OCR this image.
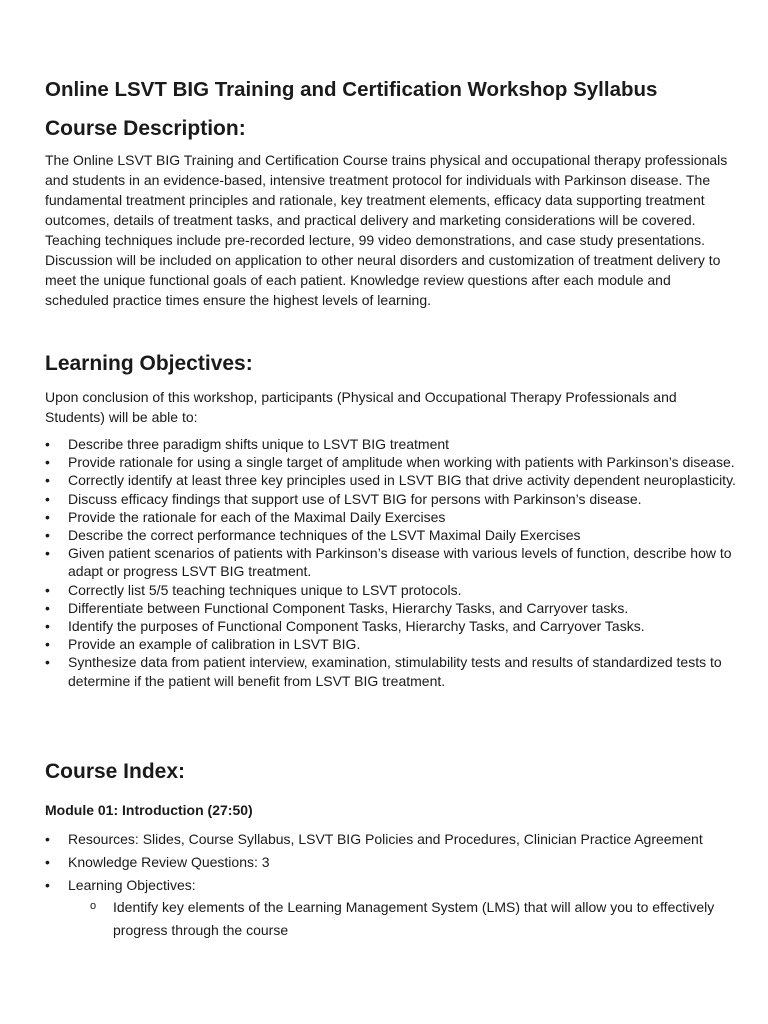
Online LSVT BIG Training and Certification Workshop Syllabus
Course Description:

The Online LSVT BIG Training and Certification Course trains physical and occupational therapy professionals and students in an evidence-based, intensive treatment protocol for individuals with Parkinson disease. The fundamental treatment principles and rationale, key treatment elements, efficacy data supporting treatment outcomes, details of treatment tasks, and practical delivery and marketing considerations will be covered. Teaching techniques include pre-recorded lecture, 99 video demonstrations, and case study presentations. Discussion will be included on application to other neural disorders and customization of treatment delivery to meet the unique functional goals of each patient. Knowledge review questions after each module and scheduled practice times ensure the highest levels of learning.

Learning Objectives:

Upon conclusion of this workshop, participants (Physical and Occupational Therapy Professionals and Students) will be able to:

• Describe three paradigm shifts unique to LSVT BIG treatment
• Provide rationale for using a single target of amplitude when working with patients with Parkinson’s disease.
• Correctly identify at least three key principles used in LSVT BIG that drive activity dependent neuroplasticity.
• Discuss efficacy findings that support use of LSVT BIG for persons with Parkinson’s disease.
• Provide the rationale for each of the Maximal Daily Exercises
• Describe the correct performance techniques of the LSVT Maximal Daily Exercises
• Given patient scenarios of patients with Parkinson’s disease with various levels of function, describe how to adapt or progress LSVT BIG treatment.
• Correctly list 5/5 teaching techniques unique to LSVT protocols.
• Differentiate between Functional Component Tasks, Hierarchy Tasks, and Carryover tasks.
• Identify the purposes of Functional Component Tasks, Hierarchy Tasks, and Carryover Tasks.
• Provide an example of calibration in LSVT BIG.
• Synthesize data from patient interview, examination, stimulability tests and results of standardized tests to determine if the patient will benefit from LSVT BIG treatment.
Course Index:

Module 01: Introduction (27:50)

• Resources: Slides, Course Syllabus, LSVT BIG Policies and Procedures, Clinician Practice Agreement
• Knowledge Review Questions: 3
• Learning Objectives:
o Identify key elements of the Learning Management System (LMS) that will allow you to effectively progress through the course
